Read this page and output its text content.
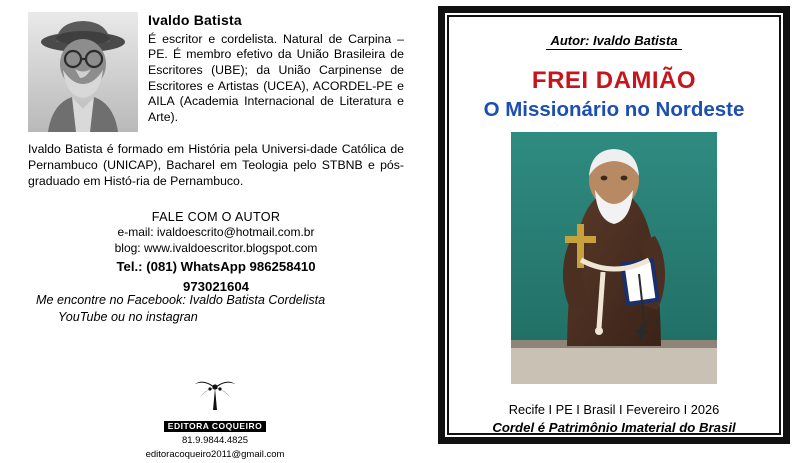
Ivaldo Batista
É escritor e cordelista. Natural de Carpina – PE. É membro efetivo da União Brasileira de Escritores (UBE); da União Carpinense de Escritores e Artistas (UCEA), ACORDEL-PE e AILA (Academia Internacional de Literatura e Arte).
Ivaldo Batista é formado em História pela Universi-dade Católica de Pernambuco (UNICAP), Bacharel em Teologia pelo STBNB e pós-graduado em Histó-ria de Pernambuco.
FALE COM O AUTOR
e-mail: ivaldoescrito@hotmail.com.br
blog: www.ivaldoescritor.blogspot.com
Tel.: (081) WhatsApp 986258410
973021604
Me encontre no Facebook: Ivaldo Batista Cordelista
YouTube ou no instagran
EDITORA COQUEIRO
81.9.9844.4825
editoracoqueiro2011@gmail.com
Autor: Ivaldo Batista
FREI DAMIÃO
O Missionário no Nordeste
Recife I PE I Brasil I Fevereiro I 2026
Cordel é Patrimônio Imaterial do Brasil
